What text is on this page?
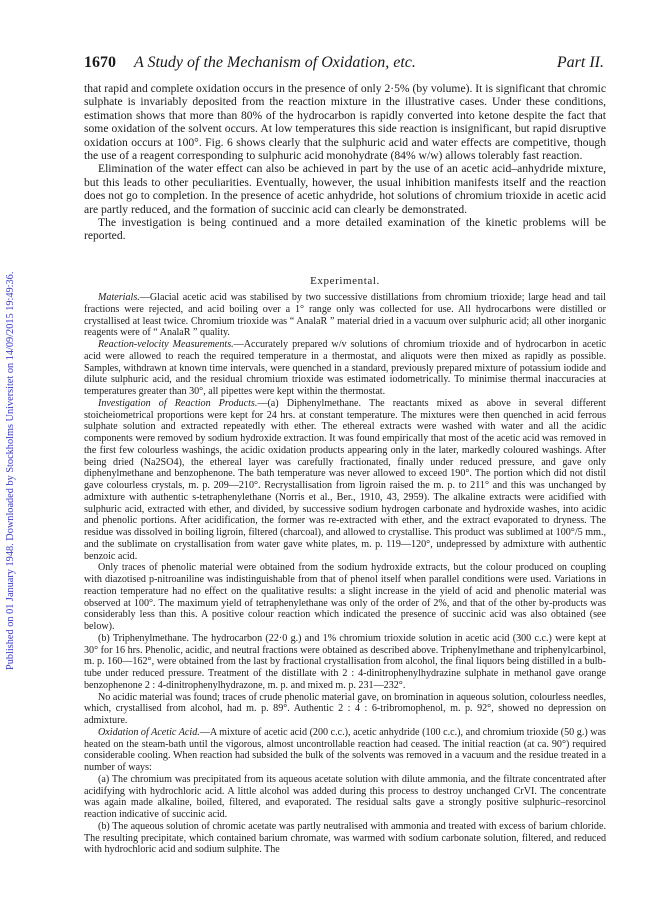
Published on 01 January 1948. Downloaded by Stockholms Universitet on 14/09/2015 19:49:36.
1670 A Study of the Mechanism of Oxidation, etc.	Part II.

that rapid and complete oxidation occurs in the presence of only 2·5% (by volume). It is significant that chromic sulphate is invariably deposited from the reaction mixture in the illustrative cases. Under these conditions, estimation shows that more than 80% of the hydrocarbon is rapidly converted into ketone despite the fact that some oxidation of the solvent occurs. At low temperatures this side reaction is insignificant, but rapid disruptive oxidation occurs at 100°. Fig. 6 shows clearly that the sulphuric acid and water effects are competitive, though the use of a reagent corresponding to sulphuric acid monohydrate (84% w/w) allows tolerably fast reaction.

Elimination of the water effect can also be achieved in part by the use of an acetic acid–anhydride mixture, but this leads to other peculiarities. Eventually, however, the usual inhibition manifests itself and the reaction does not go to completion. In the presence of acetic anhydride, hot solutions of chromium trioxide in acetic acid are partly reduced, and the formation of succinic acid can clearly be demonstrated.

The investigation is being continued and a more detailed examination of the kinetic problems will be reported.

Experimental.

Materials.—Glacial acetic acid was stabilised by two successive distillations from chromium trioxide; large head and tail fractions were rejected, and acid boiling over a 1° range only was collected for use. All hydrocarbons were distilled or crystallised at least twice. Chromium trioxide was “ AnalaR ” material dried in a vacuum over sulphuric acid; all other inorganic reagents were of “ AnalaR ” quality.

Reaction-velocity Measurements.—Accurately prepared w/v solutions of chromium trioxide and of hydrocarbon in acetic acid were allowed to reach the required temperature in a thermostat, and aliquots were then mixed as rapidly as possible. Samples, withdrawn at known time intervals, were quenched in a standard, previously prepared mixture of potassium iodide and dilute sulphuric acid, and the residual chromium trioxide was estimated iodometrically. To minimise thermal inaccuracies at temperatures greater than 30°, all pipettes were kept within the thermostat.

Investigation of Reaction Products.—(a) Diphenylmethane. The reactants mixed as above in several different stoicheiometrical proportions were kept for 24 hrs. at constant temperature. The mixtures were then quenched in acid ferrous sulphate solution and extracted repeatedly with ether. The ethereal extracts were washed with water and all the acidic components were removed by sodium hydroxide extraction. It was found empirically that most of the acetic acid was removed in the first few colourless washings, the acidic oxidation products appearing only in the later, markedly coloured washings. After being dried (Na2SO4), the ethereal layer was carefully fractionated, finally under reduced pressure, and gave only diphenylmethane and benzophenone. The bath temperature was never allowed to exceed 190°. The portion which did not distil gave colourless crystals, m. p. 209—210°. Recrystallisation from ligroin raised the m. p. to 211° and this was unchanged by admixture with authentic s-tetraphenylethane (Norris et al., Ber., 1910, 43, 2959). The alkaline extracts were acidified with sulphuric acid, extracted with ether, and divided, by successive sodium hydrogen carbonate and hydroxide washes, into acidic and phenolic portions. After acidification, the former was re-extracted with ether, and the extract evaporated to dryness. The residue was dissolved in boiling ligroin, filtered (charcoal), and allowed to crystallise. This product was sublimed at 100°/5 mm., and the sublimate on crystallisation from water gave white plates, m. p. 119—120°, undepressed by admixture with authentic benzoic acid.

Only traces of phenolic material were obtained from the sodium hydroxide extracts, but the colour produced on coupling with diazotised p-nitroaniline was indistinguishable from that of phenol itself when parallel conditions were used. Variations in reaction temperature had no effect on the qualitative results: a slight increase in the yield of acid and phenolic material was observed at 100°. The maximum yield of tetraphenylethane was only of the order of 2%, and that of the other by-products was considerably less than this. A positive colour reaction which indicated the presence of succinic acid was also obtained (see below).

(b) Triphenylmethane. The hydrocarbon (22·0 g.) and 1% chromium trioxide solution in acetic acid (300 c.c.) were kept at 30° for 16 hrs. Phenolic, acidic, and neutral fractions were obtained as described above. Triphenylmethane and triphenylcarbinol, m. p. 160—162°, were obtained from the last by fractional crystallisation from alcohol, the final liquors being distilled in a bulb-tube under reduced pressure. Treatment of the distillate with 2 : 4-dinitrophenylhydrazine sulphate in methanol gave orange benzophenone 2 : 4-dinitrophenylhydrazone, m. p. and mixed m. p. 231—232°.

No acidic material was found; traces of crude phenolic material gave, on bromination in aqueous solution, colourless needles, which, crystallised from alcohol, had m. p. 89°. Authentic 2 : 4 : 6-tribromophenol, m. p. 92°, showed no depression on admixture.

Oxidation of Acetic Acid.—A mixture of acetic acid (200 c.c.), acetic anhydride (100 c.c.), and chromium trioxide (50 g.) was heated on the steam-bath until the vigorous, almost uncontrollable reaction had ceased. The initial reaction (at ca. 90°) required considerable cooling. When reaction had subsided the bulk of the solvents was removed in a vacuum and the residue treated in a number of ways:

(a) The chromium was precipitated from its aqueous acetate solution with dilute ammonia, and the filtrate concentrated after acidifying with hydrochloric acid. A little alcohol was added during this process to destroy unchanged CrVI. The concentrate was again made alkaline, boiled, filtered, and evaporated. The residual salts gave a strongly positive sulphuric–resorcinol reaction indicative of succinic acid.

(b) The aqueous solution of chromic acetate was partly neutralised with ammonia and treated with excess of barium chloride. The resulting precipitate, which contained barium chromate, was warmed with sodium carbonate solution, filtered, and reduced with hydrochloric acid and sodium sulphite. The
